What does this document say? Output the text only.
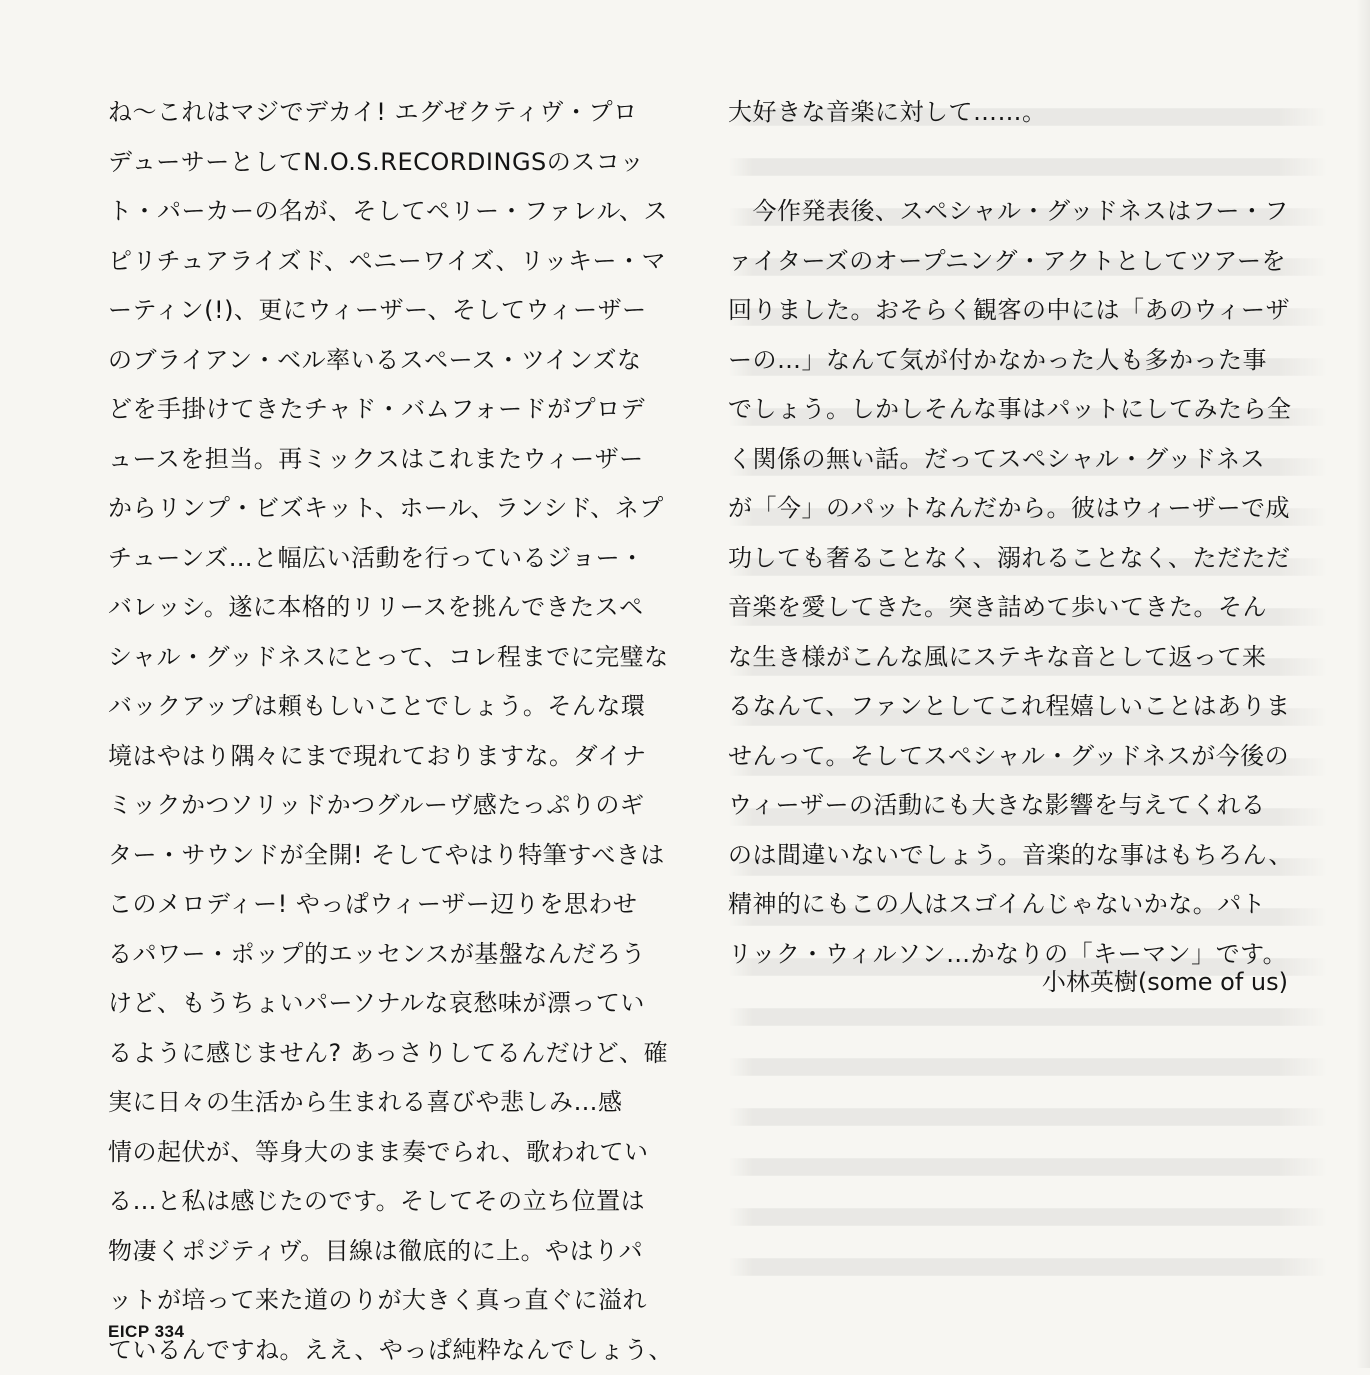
ね～これはマジでデカイ! エグゼクティヴ・プロ
デューサーとしてN.O.S.RECORDINGSのスコッ
ト・パーカーの名が、そしてペリー・ファレル、ス
ピリチュアライズド、ペニーワイズ、リッキー・マ
ーティン(!)、更にウィーザー、そしてウィーザー
のブライアン・ベル率いるスペース・ツインズな
どを手掛けてきたチャド・バムフォードがプロデ
ュースを担当。再ミックスはこれまたウィーザー
からリンプ・ビズキット、ホール、ランシド、ネプ
チューンズ…と幅広い活動を行っているジョー・
バレッシ。遂に本格的リリースを挑んできたスペ
シャル・グッドネスにとって、コレ程までに完璧な
バックアップは頼もしいことでしょう。そんな環
境はやはり隅々にまで現れておりますな。ダイナ
ミックかつソリッドかつグルーヴ感たっぷりのギ
ター・サウンドが全開! そしてやはり特筆すべきは
このメロディー! やっぱウィーザー辺りを思わせ
るパワー・ポップ的エッセンスが基盤なんだろう
けど、もうちょいパーソナルな哀愁味が漂ってい
るように感じません? あっさりしてるんだけど、確
実に日々の生活から生まれる喜びや悲しみ…感
情の起伏が、等身大のまま奏でられ、歌われてい
る…と私は感じたのです。そしてその立ち位置は
物凄くポジティヴ。目線は徹底的に上。やはりパ
ットが培って来た道のりが大きく真っ直ぐに溢れ
ているんですね。ええ、やっぱ純粋なんでしょう、
大好きな音楽に対して……。
　今作発表後、スペシャル・グッドネスはフー・フ
ァイターズのオープニング・アクトとしてツアーを
回りました。おそらく観客の中には「あのウィーザ
ーの…」なんて気が付かなかった人も多かった事
でしょう。しかしそんな事はパットにしてみたら全
く関係の無い話。だってスペシャル・グッドネス
が「今」のパットなんだから。彼はウィーザーで成
功しても奢ることなく、溺れることなく、ただただ
音楽を愛してきた。突き詰めて歩いてきた。そん
な生き様がこんな風にステキな音として返って来
るなんて、ファンとしてこれ程嬉しいことはありま
せんって。そしてスペシャル・グッドネスが今後の
ウィーザーの活動にも大きな影響を与えてくれる
のは間違いないでしょう。音楽的な事はもちろん、
精神的にもこの人はスゴイんじゃないかな。パト
リック・ウィルソン…かなりの「キーマン」です。
小林英樹(some of us)
EICP 334
